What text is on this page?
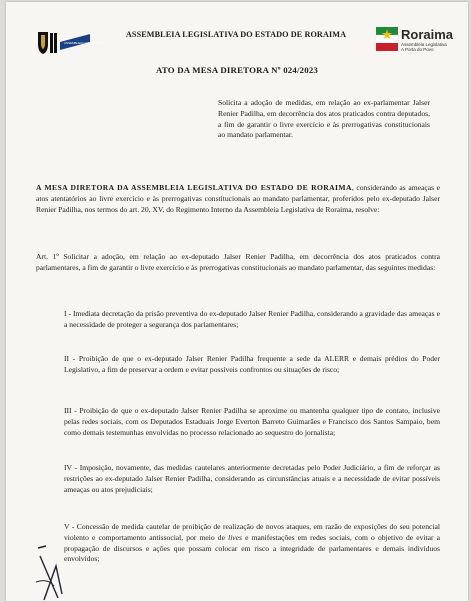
ASSEMBLEIA LEGISLATIVA
ASSEMBLEIA LEGISLATIVA DO ESTADO DE RORAIMA	Roraima
Assembleia Legislativa
A Porta do Povo
ATO DA MESA DIRETORA Nº 024/2023
Solicita a adoção de medidas, em relação ao ex-parlamentar Jalser Renier Padilha, em decorrência dos atos praticados contra deputados, a fim de garantir o livre exercício e às prerrogativas constitucionais ao mandato parlamentar.
A MESA DIRETORA DA ASSEMBLEIA LEGISLATIVA DO ESTADO DE RORAIMA, considerando as ameaças e atos atentatórios ao livre exercício e às prerrogativas constitucionais ao mandato parlamentar, proferidos pelo ex-deputado Jalser Renier Padilha, nos termos do art. 20, XV, do Regimento Interno da Assembleia Legislativa de Roraima, resolve:
Art. 1º Solicitar a adoção, em relação ao ex-deputado Jalser Renier Padilha, em decorrência dos atos praticados contra parlamentares, a fim de garantir o livre exercício e às prerrogativas constitucionais ao mandato parlamentar, das seguintes medidas:
I - Imediata decretação da prisão preventiva do ex-deputado Jalser Renier Padilha, considerando a gravidade das ameaças e a necessidade de proteger a segurança dos parlamentares;
II - Proibição de que o ex-deputado Jalser Renier Padilha frequente a sede da ALERR e demais prédios do Poder Legislativo, a fim de preservar a ordem e evitar possíveis confrontos ou situações de risco;
III - Proibição de que o ex-deputado Jalser Renier Padilha se aproxime ou mantenha qualquer tipo de contato, inclusive pelas redes sociais, com os Deputados Estaduais Jorge Everton Barreto Guimarães e Francisco dos Santos Sampaio, bem como demais testemunhas envolvidas no processo relacionado ao sequestro do jornalista;
IV - Imposição, novamente, das medidas cautelares anteriormente decretadas pelo Poder Judiciário, a fim de reforçar as restrições ao ex-deputado Jalser Renier Padilha, considerando as circunstâncias atuais e a necessidade de evitar possíveis ameaças ou atos prejudiciais;
V - Concessão de medida cautelar de proibição de realização de novos ataques, em razão de exposições do seu potencial violento e comportamento antissocial, por meio de lives e manifestações em redes sociais, com o objetivo de evitar a propagação de discursos e ações que possam colocar em risco a integridade de parlamentares e demais indivíduos envolvidos;
